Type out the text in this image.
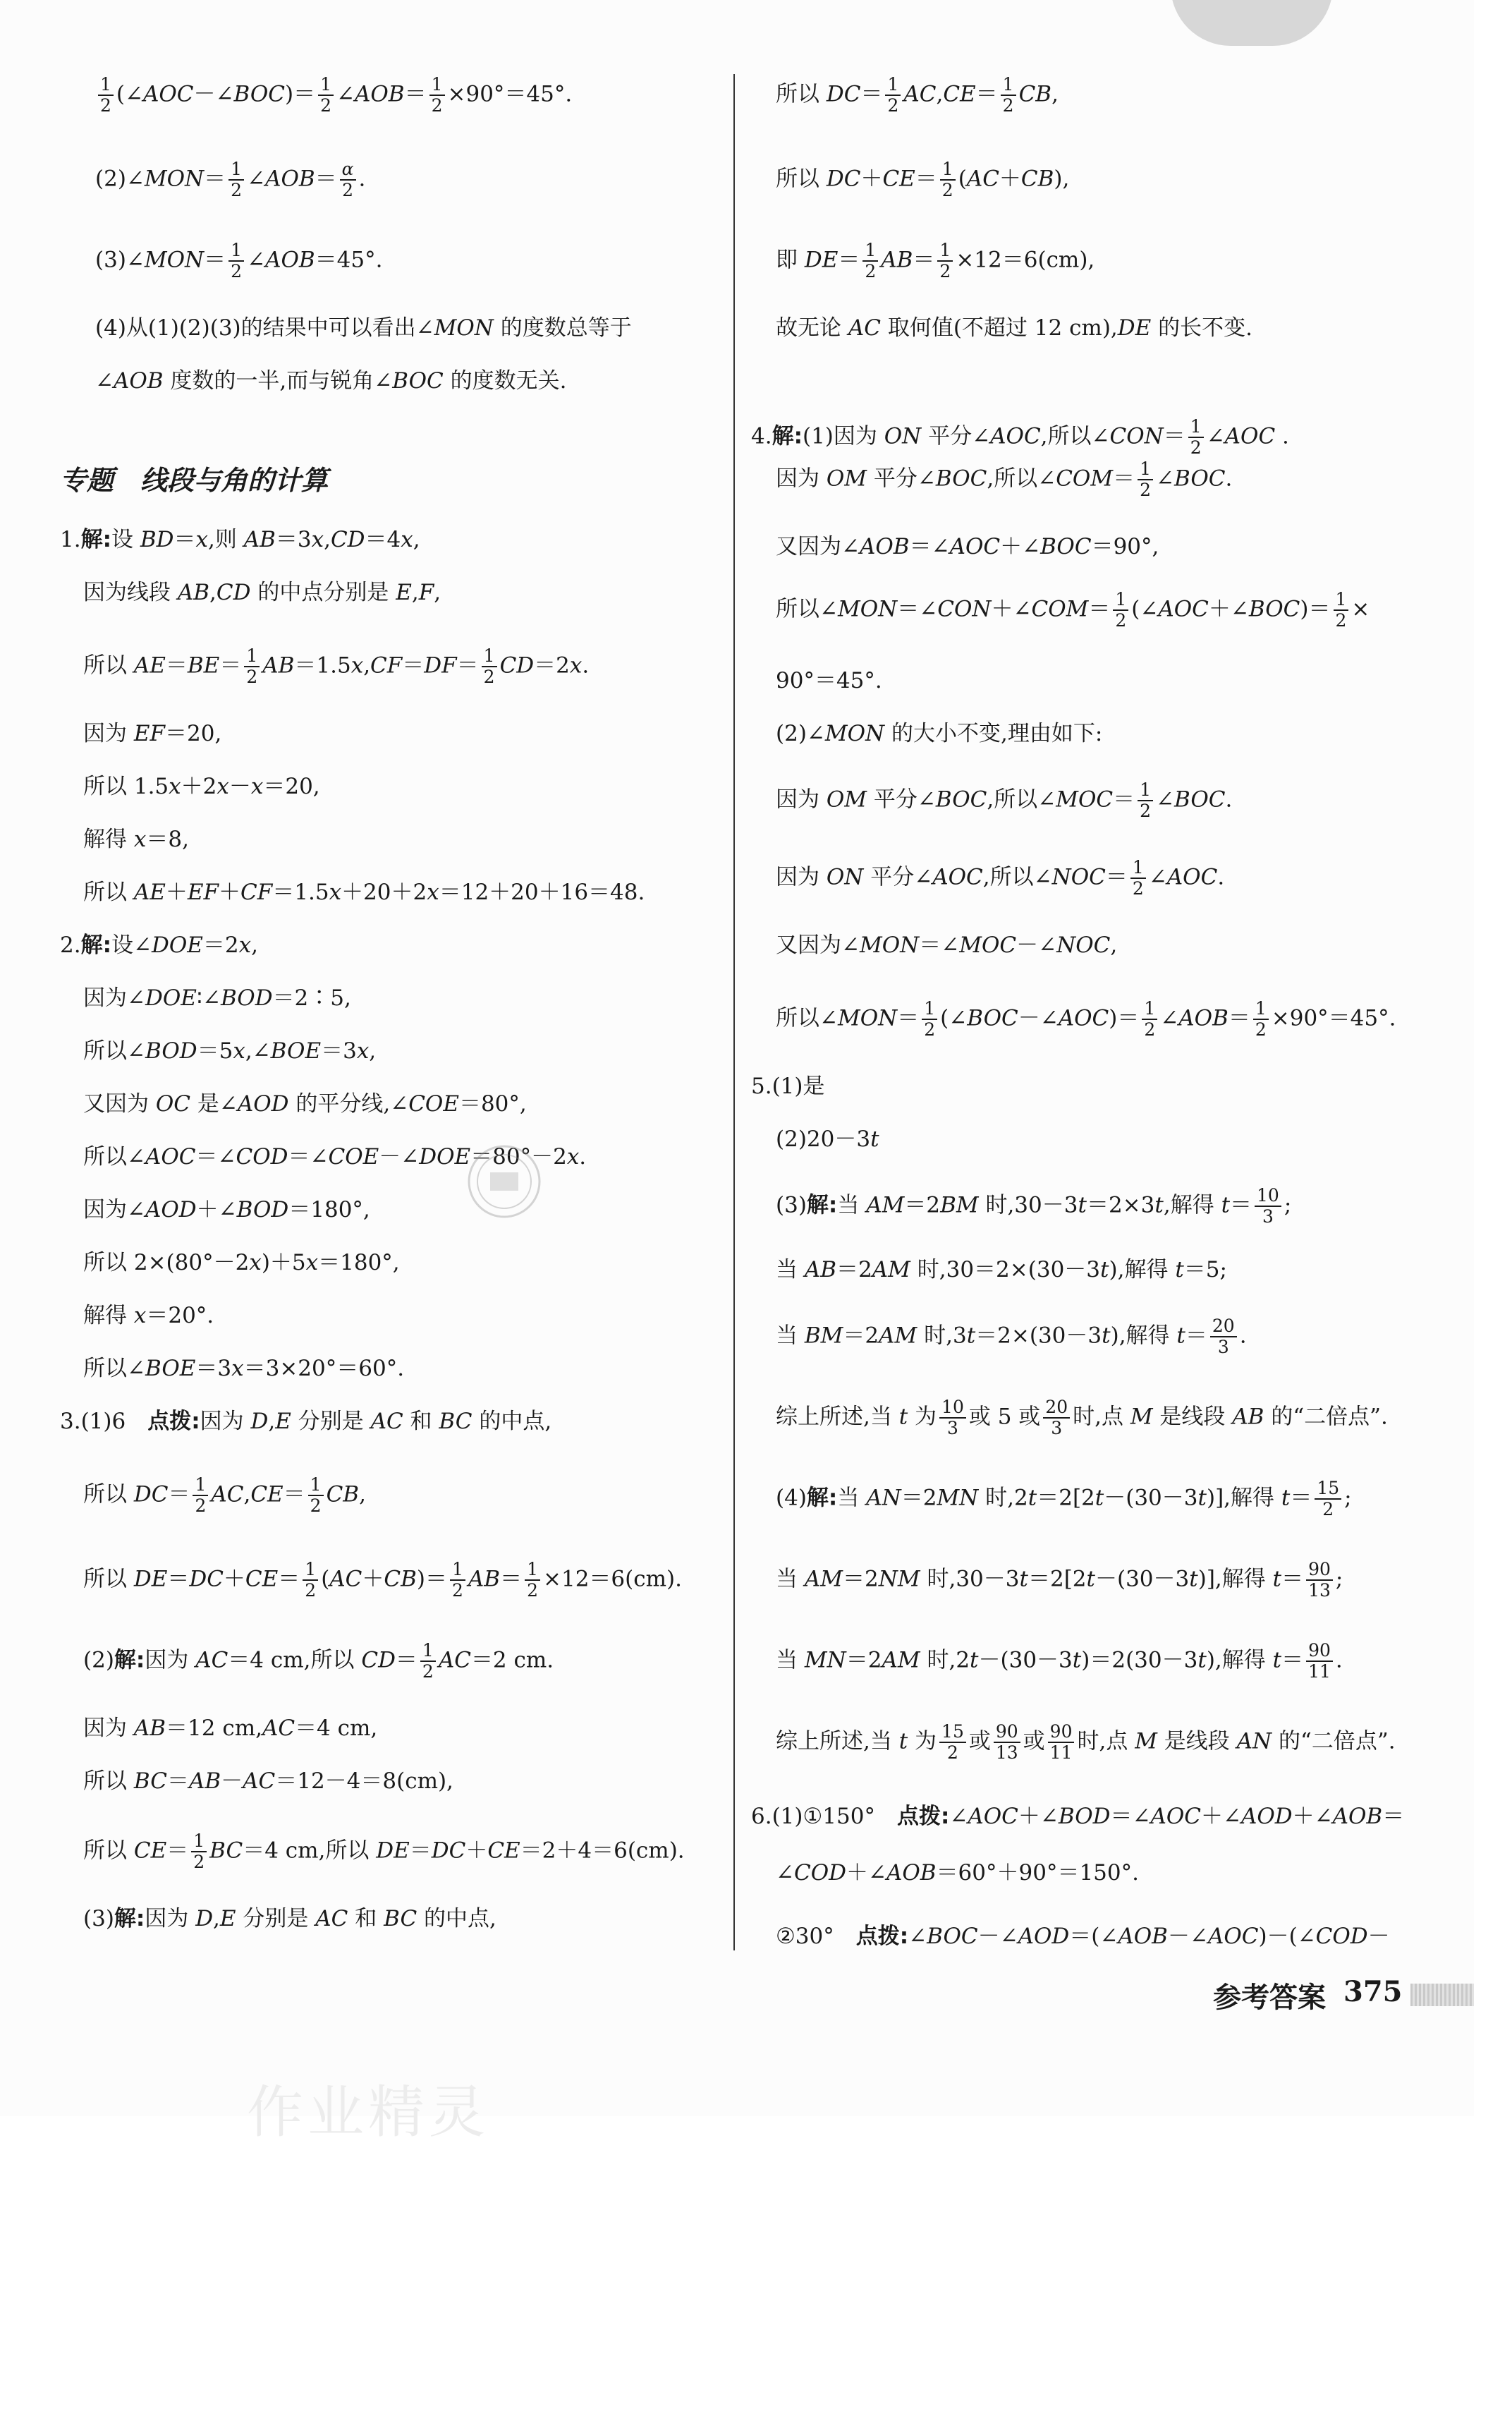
$\frac{1}{2}$ (∠AOC－∠BOC)＝ $\frac{1}{2}$ ∠AOB＝ $\frac{1}{2} \times 90^\circ=45^\circ$.
(2)∠MON＝ $\frac{1}{2}$ ∠AOB＝ $\frac{\alpha}{2}$ .
(3)∠MON＝ $\frac{1}{2}$ ∠AOB＝45°.
(4)从(1)(2)(3)的结果中可以看出∠MON 的度数总等于
∠AOB 度数的一半,而与锐角∠BOC 的度数无关.
1.解:设 BD＝x,则 AB＝3x,CD＝4x,
因为线段 AB,CD 的中点分别是 E,F,
所以 $AE=BE= \frac{1}{2} AB=1.5x,CF=DF= \frac{1}{2} CD=2x$.
因为 EF＝20,
所以 1.5x＋2x－x＝20,
解得 x＝8,
所以 AE＋EF＋CF＝1.5x＋20＋2x＝12＋20＋16＝48.
2.解:设∠DOE＝2x,
因为∠DOE∶∠BOD＝2∶5,
所以∠BOD＝5x,∠BOE＝3x,
又因为 OC 是∠AOD 的平分线,∠COE＝80°,
所以∠AOC＝∠COD＝∠COE－∠DOE＝80°－2x.
因为∠AOD＋∠BOD＝180°,
所以 2×(80°－2x)＋5x＝180°,
解得 x＝20°.
所以∠BOE＝3x＝3×20°＝60°.
3.(1)6　点拨:因为 D,E 分别是 AC 和 BC 的中点,
所以 $DC= \frac{1}{2} AC,CE= \frac{1}{2}$ CB,
所以 $DE=DC+CE= \frac{1}{2} (AC+CB)= \frac{1}{2} AB= \frac{1}{2} \times 12=6(cm)$.
(2)解:因为 AC＝4 cm,所以 $CD= \frac{1}{2} AC=2$ cm.
因为 AB＝12 cm,AC＝4 cm,
所以 BC＝AB－AC＝12－4＝8(cm),
所以 $CE= \frac{1}{2} BC=4$ cm,所以 DE＝DC＋CE＝2＋4＝6(cm).
(3)解:因为 D,E 分别是 AC 和 BC 的中点,
专题　线段与角的计算
所以 $DC= \frac{1}{2} AC,CE= \frac{1}{2}$ CB,
所以 $DC+CE= \frac{1}{2} (AC+CB)$,
即 $DE= \frac{1}{2} AB= \frac{1}{2} \times 12=6(cm)$,
故无论 AC 取何值(不超过 12 cm),DE 的长不变.
4.解:(1)因为 ON 平分∠AOC,所以∠CON＝ $\frac{1}{2}$ ∠AOC .
因为 OM 平分∠BOC,所以∠COM＝ $\frac{1}{2}$ ∠BOC.
又因为∠AOB＝∠AOC＋∠BOC＝90°,
所以∠MON＝∠CON＋∠COM＝ $\frac{1}{2}$ (∠AOC＋∠BOC)＝ $\frac{1}{2}$ ×
90°＝45°.
(2)∠MON 的大小不变,理由如下:
因为 OM 平分∠BOC,所以∠MOC＝ $\frac{1}{2}$ ∠BOC.
因为 ON 平分∠AOC,所以∠NOC＝ $\frac{1}{2}$ ∠AOC.
又因为∠MON＝∠MOC－∠NOC,
所以∠MON＝ $\frac{1}{2}$ (∠BOC－∠AOC)＝ $\frac{1}{2}$ ∠AOB＝ $\frac{1}{2} \times 90^\circ=45^\circ$.
5.(1)是
(2)20－3t
(3)解:当 AM＝2BM 时,30－3t＝2×3t,解得 $t= \frac{10}{3}$ ;
当 AB＝2AM 时,30＝2×(30－3t),解得 t＝5;
当 BM＝2AM 时,3t＝2×(30－3t),解得 $t= \frac{20}{3}$ .
综上所述,当 t 为 $\frac{10}{3}$ 或 5 或 $\frac{20}{3}$ 时,点 M 是线段 AB 的“二倍点”.
(4)解:当 AN＝2MN 时,2t＝2[2t－(30－3t)],解得 $t= \frac{15}{2}$ ;
当 AM＝2NM 时,30－3t＝2[2t－(30－3t)],解得 $t= \frac{90}{13}$ ;
当 MN＝2AM 时,2t－(30－3t)＝2(30－3t),解得 $t= \frac{90}{11}$ .
综上所述,当 t 为 $\frac{15}{2}$ 或 $\frac{90}{13}$ 或 $\frac{90}{11}$ 时,点 M 是线段 AN 的“二倍点”.
6.(1)①150°　点拨:∠AOC＋∠BOD＝∠AOC＋∠AOD＋∠AOB＝
∠COD＋∠AOB＝60°＋90°＝150°.
②30°　点拨:∠BOC－∠AOD＝(∠AOB－∠AOC)－(∠COD－
参考答案 375
作业精灵
